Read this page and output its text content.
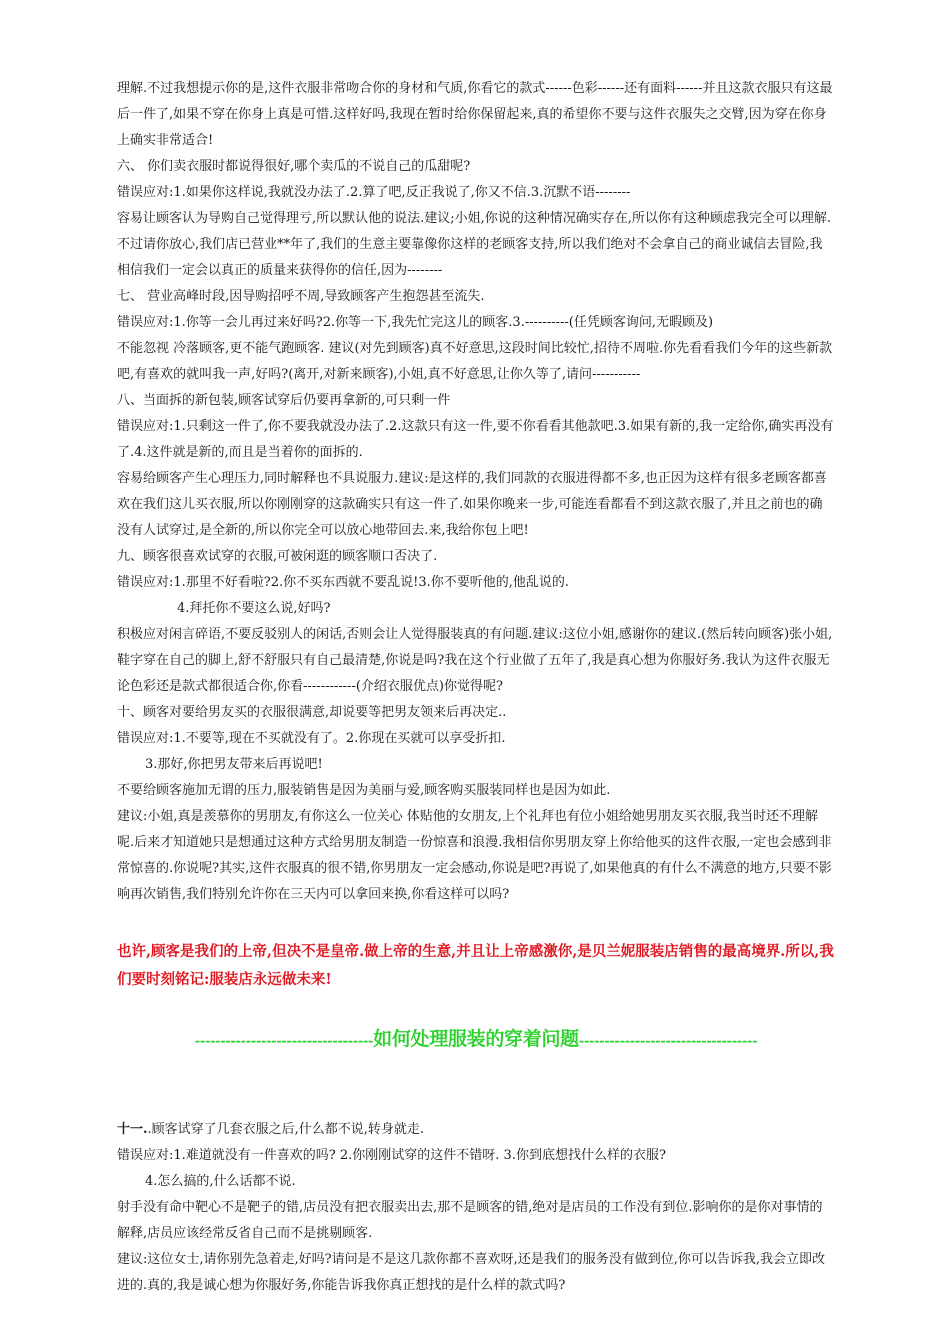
理解.不过我想提示你的是,这件衣服非常吻合你的身材和气质,你看它的款式------色彩------还有面料------并且这款衣服只有这最后一件了,如果不穿在你身上真是可惜.这样好吗,我现在暂时给你保留起来,真的希望你不要与这件衣服失之交臂,因为穿在你身上确实非常适合!

六、 你们卖衣服时都说得很好,哪个卖瓜的不说自己的瓜甜呢?

错误应对:1.如果你这样说,我就没办法了.2.算了吧,反正我说了,你又不信.3.沉默不语--------

容易让顾客认为导购自己觉得理亏,所以默认他的说法.建议;小姐,你说的这种情况确实存在,所以你有这种顾虑我完全可以理解.不过请你放心,我们店已营业**年了,我们的生意主要靠像你这样的老顾客支持,所以我们绝对不会拿自己的商业诚信去冒险,我相信我们一定会以真正的质量来获得你的信任,因为--------

七、 营业高峰时段,因导购招呼不周,导致顾客产生抱怨甚至流失.

错误应对:1.你等一会儿再过来好吗?2.你等一下,我先忙完这儿的顾客.3.----------(任凭顾客询问,无暇顾及)

不能忽视 冷落顾客,更不能气跑顾客. 建议(对先到顾客)真不好意思,这段时间比较忙,招待不周啦.你先看看我们今年的这些新款吧,有喜欢的就叫我一声,好吗?(离开,对新来顾客),小姐,真不好意思,让你久等了,请问-----------

八、当面拆的新包装,顾客试穿后仍要再拿新的,可只剩一件

错误应对:1.只剩这一件了,你不要我就没办法了.2.这款只有这一件,要不你看看其他款吧.3.如果有新的,我一定给你,确实再没有了.4.这件就是新的,而且是当着你的面拆的.

容易给顾客产生心理压力,同时解释也不具说服力.建议:是这样的,我们同款的衣服进得都不多,也正因为这样有很多老顾客都喜欢在我们这儿买衣服,所以你刚刚穿的这款确实只有这一件了.如果你晚来一步,可能连看都看不到这款衣服了,并且之前也的确没有人试穿过,是全新的,所以你完全可以放心地带回去.来,我给你包上吧!

九、顾客很喜欢试穿的衣服,可被闲逛的顾客顺口否决了.

错误应对:1.那里不好看啦?2.你不买东西就不要乱说!3.你不要听他的,他乱说的.

4.拜托你不要这么说,好吗?

积极应对闲言碎语,不要反驳别人的闲话,否则会让人觉得服装真的有问题.建议:这位小姐,感谢你的建议.(然后转向顾客)张小姐,鞋字穿在自己的脚上,舒不舒服只有自己最清楚,你说是吗?我在这个行业做了五年了,我是真心想为你服好务.我认为这件衣服无论色彩还是款式都很适合你,你看------------(介绍衣服优点)你觉得呢?

十、顾客对要给男友买的衣服很满意,却说要等把男友领来后再决定..

错误应对:1.不要等,现在不买就没有了。2.你现在买就可以享受折扣.

3.那好,你把男友带来后再说吧!

不要给顾客施加无谓的压力,服装销售是因为美丽与爱,顾客购买服装同样也是因为如此.

建议:小姐,真是羡慕你的男朋友,有你这么一位关心 体贴他的女朋友,上个礼拜也有位小姐给她男朋友买衣服,我当时还不理解呢.后来才知道她只是想通过这种方式给男朋友制造一份惊喜和浪漫.我相信你男朋友穿上你给他买的这件衣服,一定也会感到非常惊喜的.你说呢?其实,这件衣服真的很不错,你男朋友一定会感动,你说是吧?再说了,如果他真的有什么不满意的地方,只要不影响再次销售,我们特别允许你在三天内可以拿回来换,你看这样可以吗?

也许,顾客是我们的上帝,但决不是皇帝.做上帝的生意,并且让上帝感激你,是贝兰妮服装店销售的最高境界.所以,我们要时刻铭记:服装店永远做未来!

-----------------------------------如何处理服装的穿着问题-----------------------------------

十一..顾客试穿了几套衣服之后,什么都不说,转身就走.

错误应对:1.难道就没有一件喜欢的吗? 2.你刚刚试穿的这件不错呀. 3.你到底想找什么样的衣服?

4.怎么搞的,什么话都不说.

射手没有命中靶心不是靶子的错,店员没有把衣服卖出去,那不是顾客的错,绝对是店员的工作没有到位.影响你的是你对事情的解释,店员应该经常反省自己而不是挑剔顾客.

建议:这位女士,请你别先急着走,好吗?请问是不是这几款你都不喜欢呀,还是我们的服务没有做到位,你可以告诉我,我会立即改进的.真的,我是诚心想为你服好务,你能告诉我你真正想找的是什么样的款式吗?
